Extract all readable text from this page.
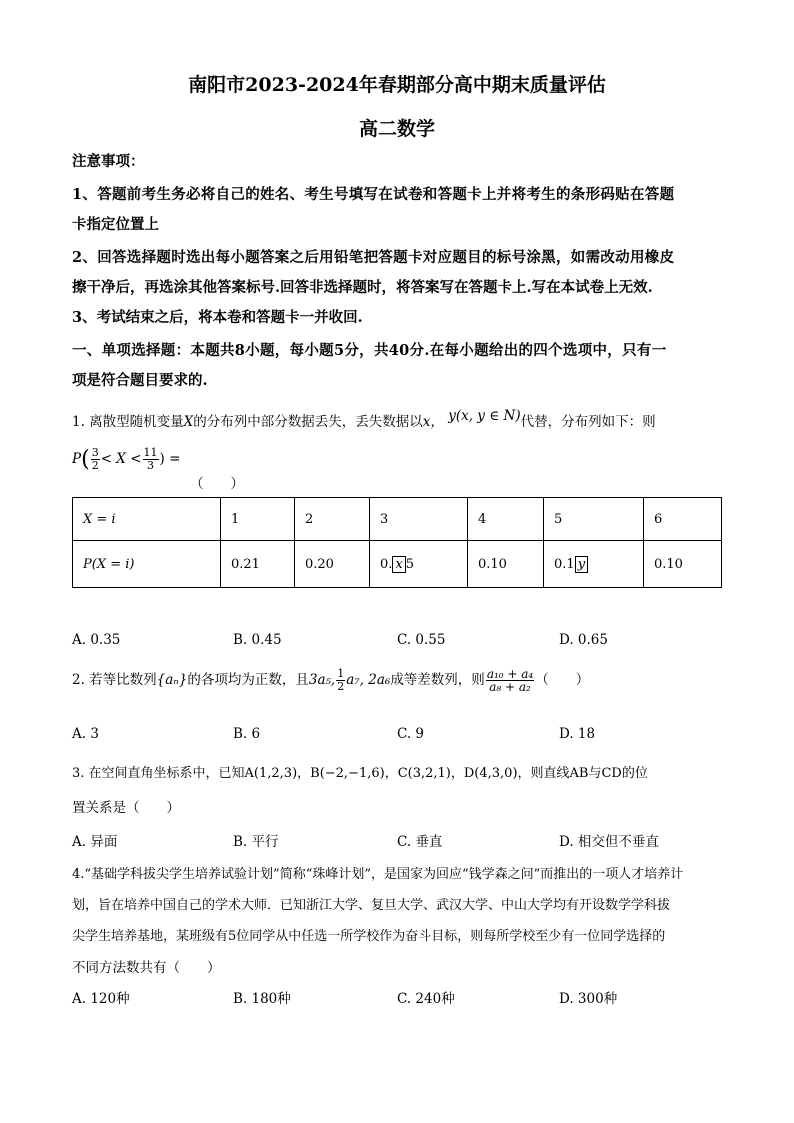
南阳市2023-2024年春期部分高中期末质量评估
高二数学
注意事项：
1、答题前考生务必将自己的姓名、考生号填写在试卷和答题卡上并将考生的条形码贴在答题
卡指定位置上
2、回答选择题时选出每小题答案之后用铅笔把答题卡对应题目的标号涂黑，如需改动用橡皮
擦干净后，再选涂其他答案标号.回答非选择题时，将答案写在答题卡上.写在本试卷上无效.
3、考试结束之后，将本卷和答题卡一并收回.
一、单项选择题：本题共8小题，每小题5分，共40分.在每小题给出的四个选项中，只有一
项是符合题目要求的.
1. 离散型随机变量X的分布列中部分数据丢失，丢失数据以x， y(x, y ∈ N)代替，分布列如下：则
$P( \frac{3}{2} < X < \frac{11}{3}$ ) =
（　　）
X = i	1	2	3	4	5	6
P(X = i)	0.21	0.20	0. x 5	0.10	0.1 y	0.10
A. 0.35	B. 0.45	C. 0.55	D. 0.65
2. 若等比数列{aₙ}的各项均为正数，且3a₅, $\frac{1}{2} a_7$, 2a₆成等差数列，则 $\frac{\text{a₁₀ + a₄}}{\text{a₈ + a₂}}$ （　　）
A. 3	B. 6	C. 9	D. 18
3. 在空间直角坐标系中，已知A(1,2,3)，B(−2,−1,6)，C(3,2,1)，D(4,3,0)，则直线AB与CD的位
置关系是（　　）
A. 异面	B. 平行	C. 垂直	D. 相交但不垂直
4.“基础学科拔尖学生培养试验计划”简称“珠峰计划”，是国家为回应“钱学森之问”而推出的一项人才培养计
划，旨在培养中国自己的学术大师．已知浙江大学、复旦大学、武汉大学、中山大学均有开设数学学科拔
尖学生培养基地，某班级有5位同学从中任选一所学校作为奋斗目标，则每所学校至少有一位同学选择的
不同方法数共有（　　）
A. 120种	B. 180种	C. 240种	D. 300种
